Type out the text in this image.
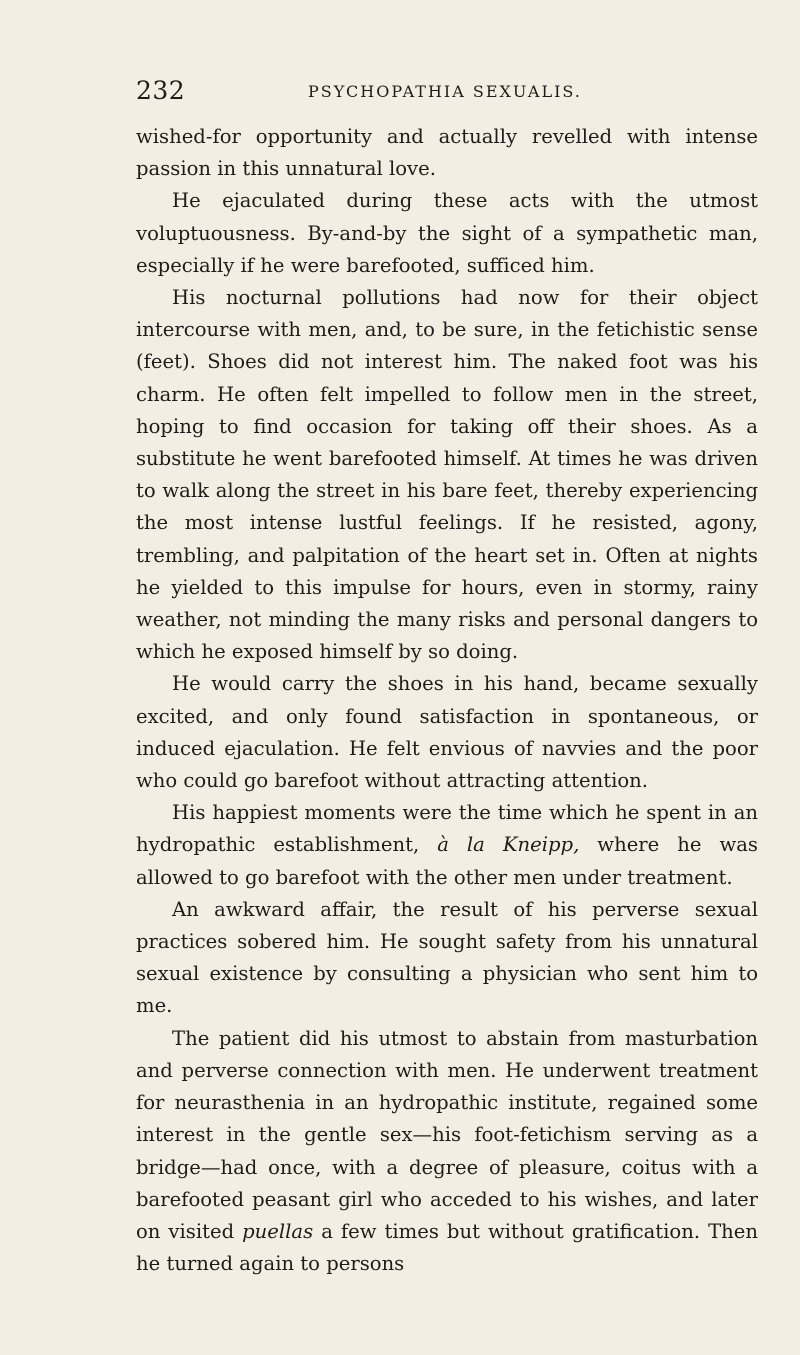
232	PSYCHOPATHIA SEXUALIS.

wished-for opportunity and actually revelled with intense passion in this unnatural love.

He ejaculated during these acts with the utmost voluptuousness. By-and-by the sight of a sympathetic man, especially if he were barefooted, sufficed him.

His nocturnal pollutions had now for their object intercourse with men, and, to be sure, in the fetichistic sense (feet). Shoes did not interest him. The naked foot was his charm. He often felt impelled to follow men in the street, hoping to find occasion for taking off their shoes. As a substitute he went barefooted himself. At times he was driven to walk along the street in his bare feet, thereby experiencing the most intense lustful feelings. If he resisted, agony, trembling, and palpitation of the heart set in. Often at nights he yielded to this impulse for hours, even in stormy, rainy weather, not minding the many risks and personal dangers to which he exposed himself by so doing.

He would carry the shoes in his hand, became sexually excited, and only found satisfaction in spontaneous, or induced ejaculation. He felt envious of navvies and the poor who could go barefoot without attracting attention.

His happiest moments were the time which he spent in an hydropathic establishment, à la Kneipp, where he was allowed to go barefoot with the other men under treatment.

An awkward affair, the result of his perverse sexual practices sobered him. He sought safety from his unnatural sexual existence by consulting a physician who sent him to me.

The patient did his utmost to abstain from masturbation and perverse connection with men. He underwent treatment for neurasthenia in an hydropathic institute, regained some interest in the gentle sex—his foot-fetichism serving as a bridge—had once, with a degree of pleasure, coitus with a barefooted peasant girl who acceded to his wishes, and later on visited puellas a few times but without gratification. Then he turned again to persons
